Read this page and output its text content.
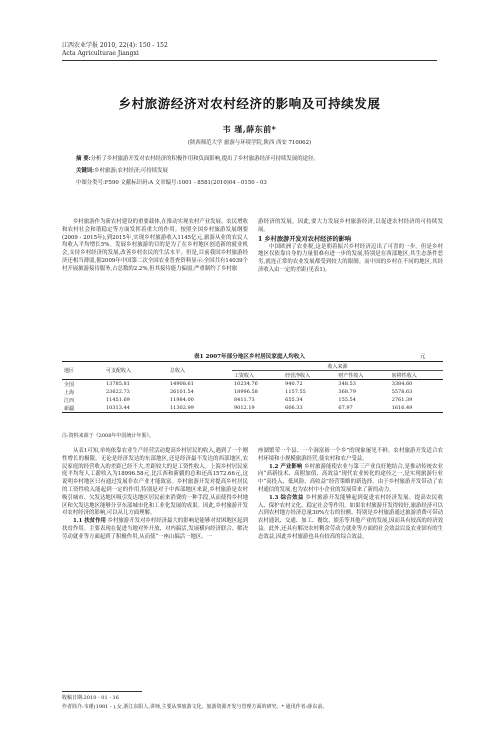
江西农业学报 2010, 22(4): 150 - 152
Acta Agriculturae Jiangxi
乡村旅游经济对农村经济的影响及可持续发展
韦 瑾,薛东前*
(陕西师范大学 旅游与环境学院,陕西 西安 710062)
摘 要:分析了乡村旅游开发对农村经济的积极作用和负面影响,提出了乡村旅游经济可持续发展的途径。
关键词:乡村旅游;农村经济;可持续发展
中图分类号:F590 文献标识码:A 文章编号:1001 - 8581(2010)04 - 0150 - 03

乡村旅游作为新农村建设的重要载体,在推动实现农村产业发展、农民增收和农村社会和谐稳定等方面发挥着重大的作用。按照全国乡村旅游发展纲要(2009 - 2015年),到2015年,实现乡村旅游收入1145亿元,旅游从业的农民人均收入平均增长5%。发展乡村旅游的目的是为了在乡村地区创造新的就业机会,支持乡村经济的发展,改善乡村农民的生活水平。但是,目前我国乡村旅游经济还相当薄弱,据2009年中国第二次全国农业普查资料显示:全国共有14039个村开展旅游接待服务,占总数的2.2%,但其接待能力偏弱,严重制约了乡村旅

游经济的发展。因此,要大力发展乡村旅游经济,以促进农村经济的可持续发展。

1 乡村旅游开发对农村经济的影响

中国欧洲了农业税,这是朝着振兴乡村经济迈出了可喜的一步。但是乡村地区仅依靠自身的力量很难有进一步的发展,特别是在西部地区,其生态条件恶劣,就连正常的农业发展都受到较大的限制。而中国的乡村在不同的地区,其经济收入由一定的差距(见表1)。

表1 2007年部分地区乡村居民家庭人均收入	元
地区	可支配收入	总收入	收入来源			
			工资收入	经营净收入	财产性收入	转移性收入
全国	13785.81	14908.61	10234.76	940.72	348.53	3384.60
上海	23622.73	26101.54	18996.58	1157.55	368.79	5578.63
江西	11451.69	11984.00	8411.73	655.34	155.54	2761.39
新疆	10313.44	11302.99	9012.19	606.33	67.97	1616.49
注:资料来源于《2008年中国统计年鉴》。

从表1可知,单纯依靠农业生产经营活动提高乡村居民的收入,遇到了一个刚性增长的极限。无论是经济发达的东部地区,还是经济最不发达的西部地区,农民家庭的经营收入的差距已经不大,差距较大的是工资性收入。上海乡村居民家庭平均每人工薪收入为18996.58元,比江西和新疆的总和还高1572.66元,这说明乡村地区只有通过发展非农产业才能致富。乡村旅游开发对提高乡村居民的工资性收入能起到一定的作用,特别是对于中西部地区来说,乡村旅游是农村吸引城市、欠发达地区吸引发达地区居民前来消费的一种手段,从而使得乡村地区和欠发达地区能够分享东部城市化和工业化发展的成果。因此,乡村旅游开发对农村经济的影响,可以从几方面理解。

1.1 扶贫作用 乡村旅游开发对乡村经济最大的影响是能够对贫困地区起到扶贫作用。主要表现在促进当地对外开放、对内搞活,发展横向经济联合、解决劳动就业等方面起到了积极作用,从而使“一座山搞活一地区、一

座湖繁荣一个县、一个洞富裕一个乡”的现象屡见不鲜。农村旅游开发适合农村环境和小规模旅游经营,使农村和农户受益。

1.2 产业影响 乡村旅游能使农业与第三产业良好地结合,是推动传统农业向“高新技术、高附加值、高效益”现代农业转化的途径之一,是实现旅游行业中“高投入、低风险、高收益”经营策略的新选择。由于乡村旅游开发带动了农村通信的发展,也为农村中小企业的发展带来了新的动力。

1.3 综合效益 乡村旅游开发能够起到促进农村经济发展、提高农民收入、保护农村文化、稳定社会等作用。如果农村旅游开发得较好,旅游经济可以占到农村地方经济总量30%左右的份额。特别是乡村旅游通过旅游消费可带动农村通讯、交通、加工、餐饮、娱乐等其他产业的发展,因而具有较高的经济效益。此外,还具有解决农村剩余劳动力就业等方面的社会效益以及农业固有的生态效益,因此乡村旅游也具有较高的综合效益。

收稿日期:2010 - 01 - 16
作者简介:韦瑾(1981 - ),女,浙江东阳人,讲师,主要从事旅游文化、旅游资源开发与管理方面的研究。* 通讯作者:薛东前。
